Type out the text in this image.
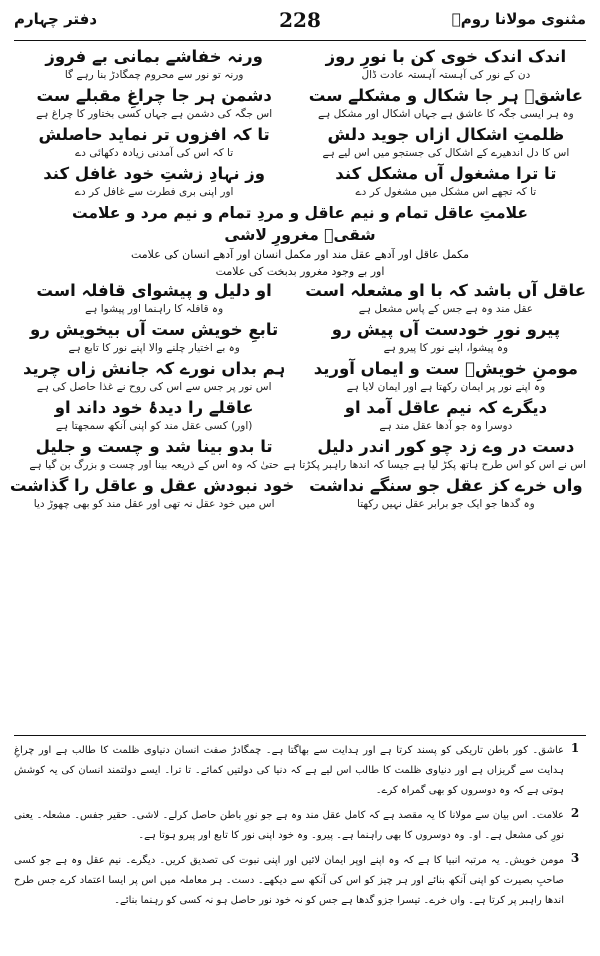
مثنوی مولانا رومؒ
228
دفتر چہارم
اندک اندک خوی کن با نورِ روز
دن کے نور کی آہستہ آہستہ عادت ڈال
ورنہ خفاشے بمانی بے فروز
ورنہ تو نور سے محروم چمگادڑ بنا رہے گا
عاشقؔ ہر جا شکال و مشکلے ست
وہ ہر ایسی جگہ کا عاشق ہے جہاں اشکال اور مشکل ہے
دشمن ہر جا چراغِ مقبلے ست
اس جگہ کی دشمن ہے جہاں کسی بختاور کا چراغ ہے
ظلمتِ اشکال ازاں جوید دلش
اس کا دل اندھیرے کے اشکال کی جستجو میں اس لیے ہے
تا کہ افزوں تر نماید حاصلش
تا کہ اس کی آمدنی زیادہ دکھائی دے
تا ترا مشغول آں مشکل کند
تا کہ تجھے اس مشکل میں مشغول کر دے
وز نہادِ زشتِ خود غافل کند
اور اپنی بری فطرت سے غافل کر دے
علامتِ عاقل تمام و نیم عاقل و مردِ تمام و نیم مرد و علامت
شقیؔ مغرورِ لاشی
مکمل عاقل اور آدھے عقل مند اور مکمل انسان اور آدھے انسان کی علامت
اور بے وجود مغرور بدبخت کی علامت
عاقل آں باشد کہ با او مشعلہ است
عقل مند وہ ہے جس کے پاس مشعل ہے
او دلیل و پیشوای قافلہ است
وہ قافلہ کا راہنما اور پیشوا ہے
پیرو نورِ خودست آں پیش رو
وہ پیشوا، اپنے نور کا پیرو ہے
تابعِ خویش ست آں بیخویش رو
وہ بے اختیار چلنے والا اپنے نور کا تابع ہے
مومنِ خویشؔ ست و ایماں آورید
وہ اپنے نور پر ایمان رکھتا ہے اور ایمان لایا ہے
ہم بداں نورے کہ جانش زاں چرید
اس نور پر جس سے اس کی روح نے غذا حاصل کی ہے
دیگرے کہ نیم عاقل آمد او
دوسرا وہ جو آدھا عقل مند ہے
عاقلے را دیدۂ خود داند او
(اور) کسی عقل مند کو اپنی آنکھ سمجھتا ہے
دست در وے زد چو کور اندر دلیل
اس نے اس کو اس طرح ہاتھ پکڑ لیا ہے جیسا کہ اندھا راہبر پکڑتا ہے
تا بدو بینا شد و چست و جلیل
حتیٰ کہ وہ اس کے ذریعہ بینا اور چست و بزرگ بن گیا ہے
واں خرے کز عقل جو سنگے نداشت
وہ گدھا جو ایک جو برابر عقل نہیں رکھتا
خود نبودش عقل و عاقل را گذاشت
اس میں خود عقل نہ تھی اور عقل مند کو بھی چھوڑ دیا
1
عاشق۔ کور باطن تاریکی کو پسند کرتا ہے اور ہدایت سے بھاگتا ہے۔ چمگادڑ صفت انسان دنیاوی ظلمت کا طالب ہے اور چراغِ ہدایت سے گریزاں ہے اور دنیاوی ظلمت کا طالب اس لیے ہے کہ دنیا کی دولتیں کمائے۔ تا ترا۔ ایسے دولتمند انسان کی یہ کوشش ہوتی ہے کہ وہ دوسروں کو بھی گمراہ کرے۔
2
علامت۔ اس بیان سے مولانا کا یہ مقصد ہے کہ کامل عقل مند وہ ہے جو نورِ باطن حاصل کرلے۔ لاشی۔ حقیر جفس۔ مشعلہ۔ یعنی نورِ کی مشعل ہے۔ او۔ وہ دوسروں کا بھی راہنما ہے۔ پیرو۔ وہ خود اپنی نور کا تابع اور پیرو ہوتا ہے۔
3
مومن خویش۔ یہ مرتبہ انبیا کا ہے کہ وہ اپنے اوپر ایمان لائیں اور اپنی نبوت کی تصدیق کریں۔ دیگرے۔ نیم عقل وہ ہے جو کسی صاحبِ بصیرت کو اپنی آنکھ بنائے اور ہر چیز کو اس کی آنکھ سے دیکھے۔ دست۔ ہر معاملہ میں اس پر ایسا اعتماد کرے جس طرح اندھا راہبر پر کرتا ہے۔ واں خرے۔ تیسرا جزو گدھا ہے جس کو نہ خود نور حاصل ہو نہ کسی کو رہنما بنائے۔
